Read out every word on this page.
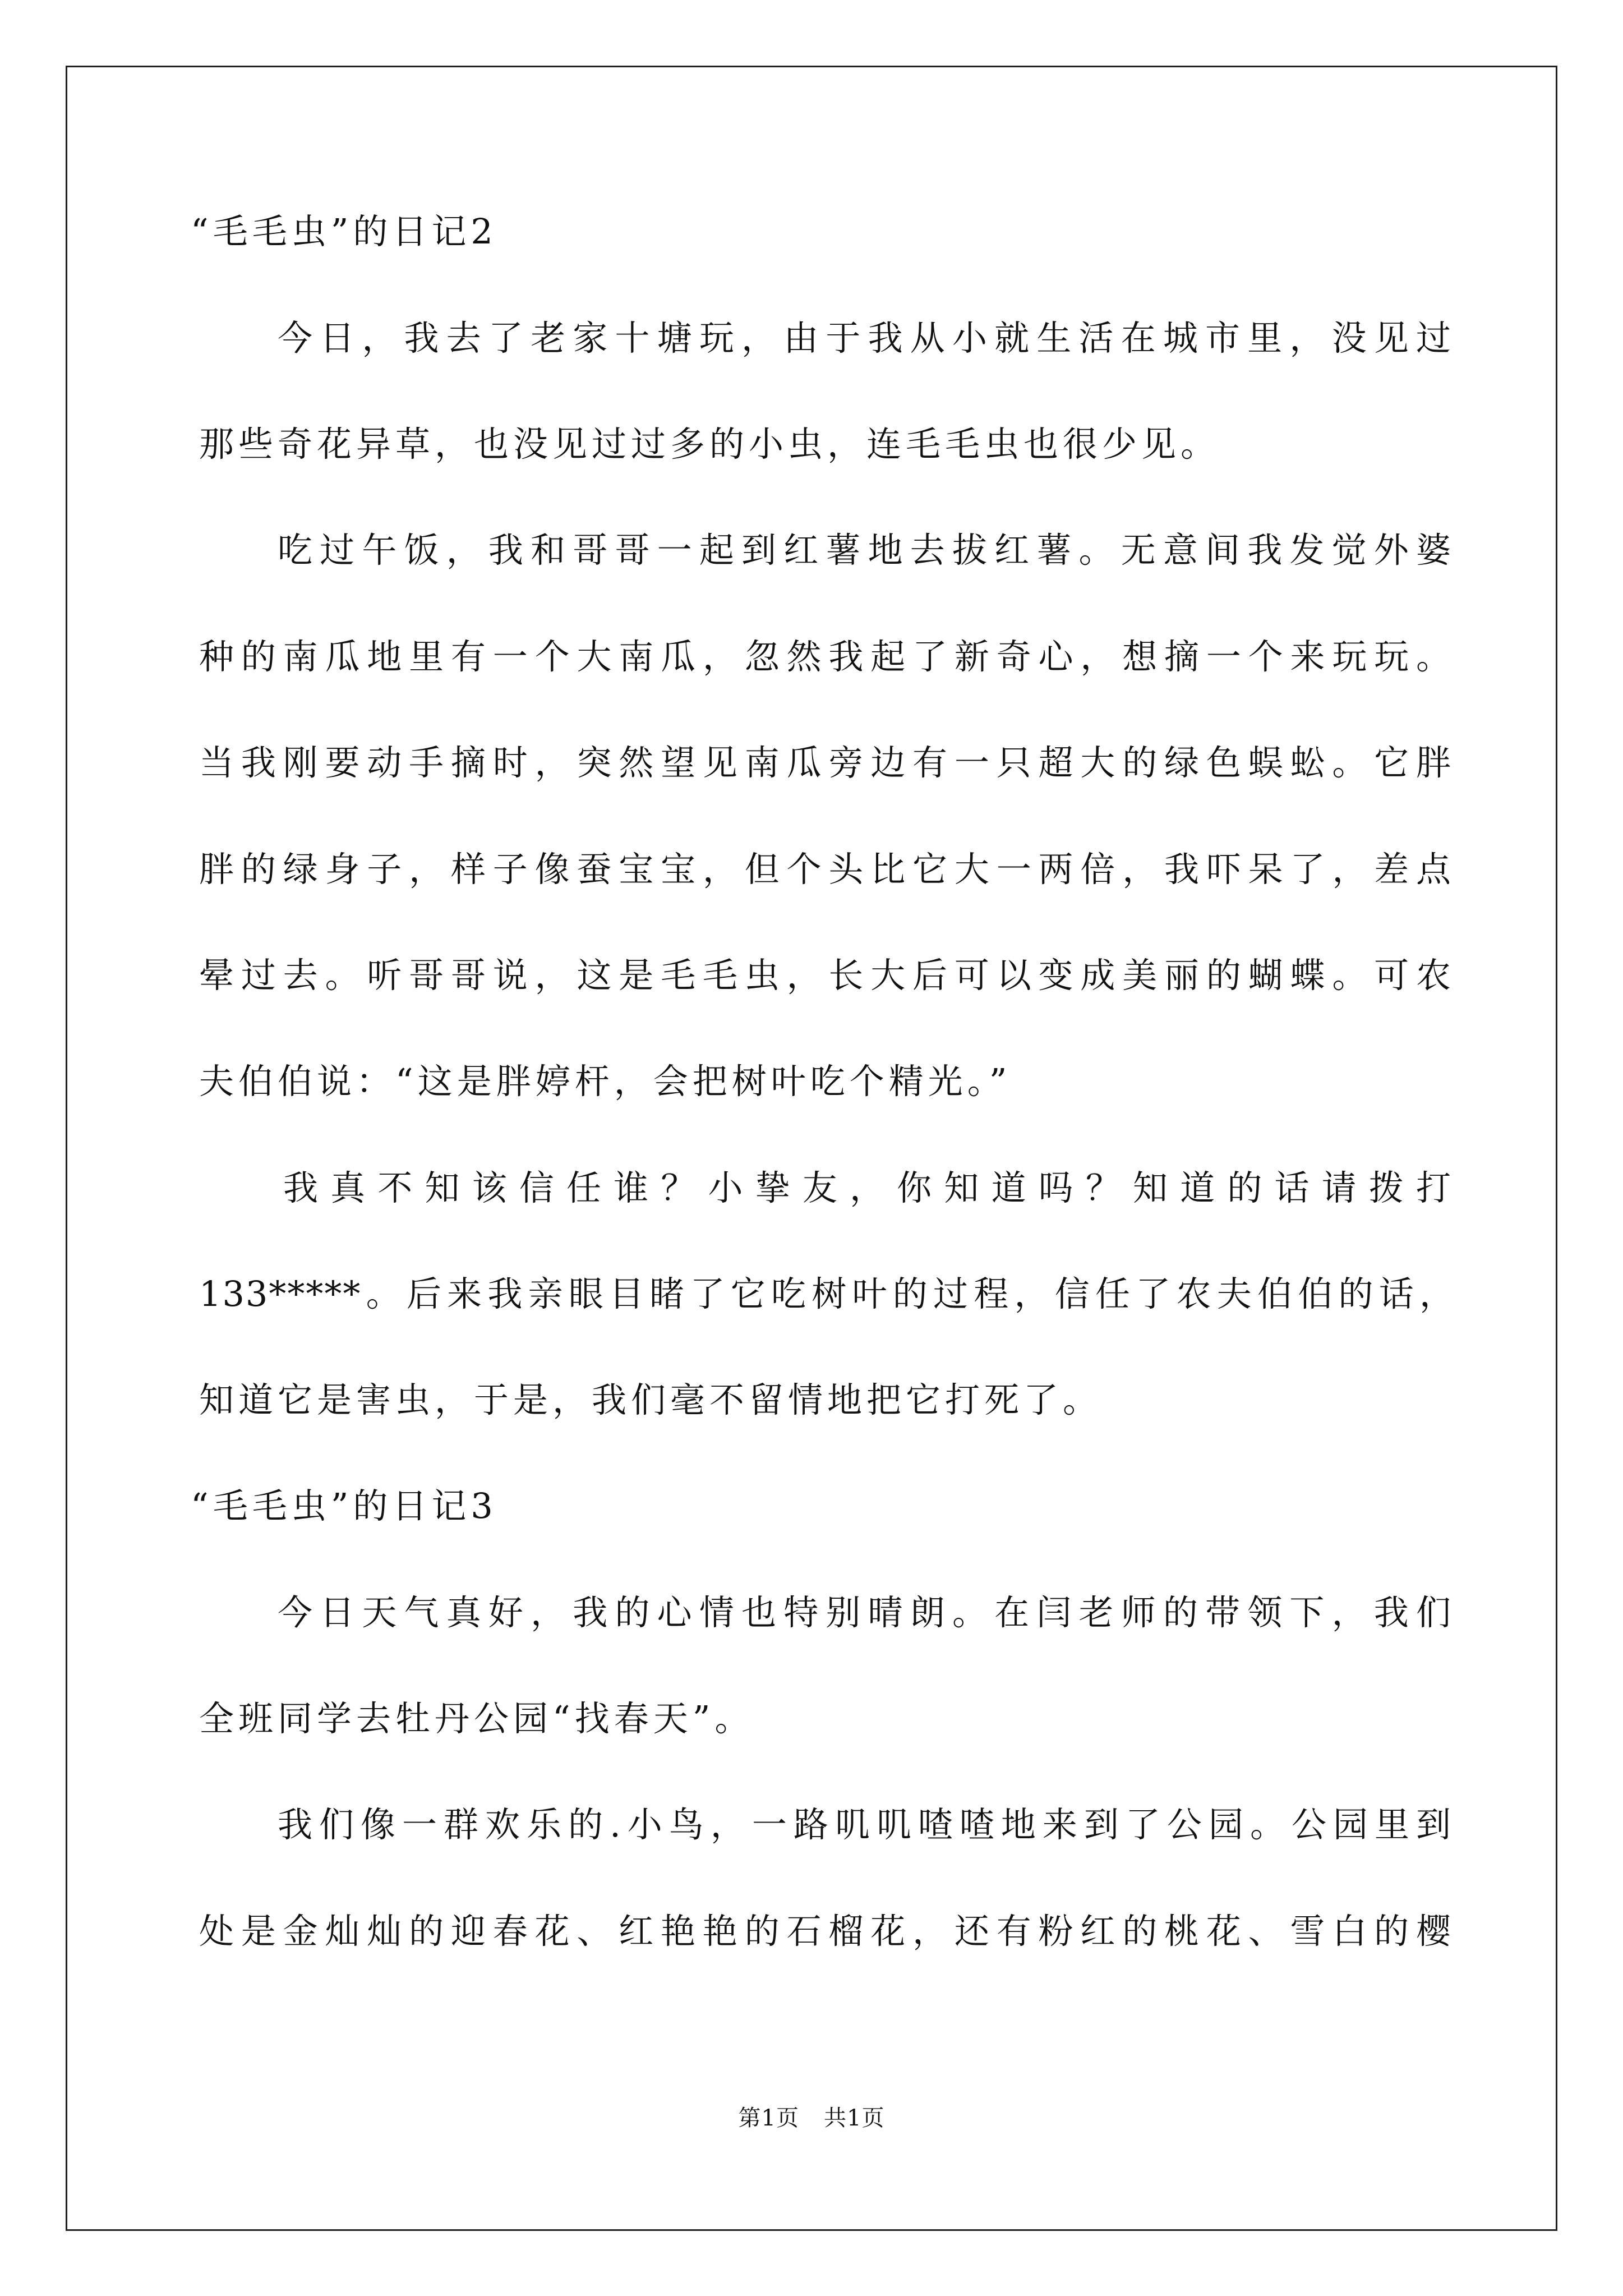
“毛毛虫”的日记2
今日，我去了老家十塘玩，由于我从小就生活在城市里，没见过
那些奇花异草，也没见过过多的小虫，连毛毛虫也很少见。
吃过午饭，我和哥哥一起到红薯地去拔红薯。无意间我发觉外婆
种的南瓜地里有一个大南瓜，忽然我起了新奇心，想摘一个来玩玩。
当我刚要动手摘时，突然望见南瓜旁边有一只超大的绿色蜈蚣。它胖
胖的绿身子，样子像蚕宝宝，但个头比它大一两倍，我吓呆了，差点
晕过去。听哥哥说，这是毛毛虫，长大后可以变成美丽的蝴蝶。可农
夫伯伯说：“这是胖婷杆，会把树叶吃个精光。”
我真不知该信任谁？小挚友，你知道吗？知道的话请拨打
133*****。后来我亲眼目睹了它吃树叶的过程，信任了农夫伯伯的话，
知道它是害虫，于是，我们毫不留情地把它打死了。
“毛毛虫”的日记3
今日天气真好，我的心情也特别晴朗。在闫老师的带领下，我们
全班同学去牡丹公园“找春天”。
我们像一群欢乐的.小鸟，一路叽叽喳喳地来到了公园。公园里到
处是金灿灿的迎春花、红艳艳的石榴花，还有粉红的桃花、雪白的樱
第1页 共1页
